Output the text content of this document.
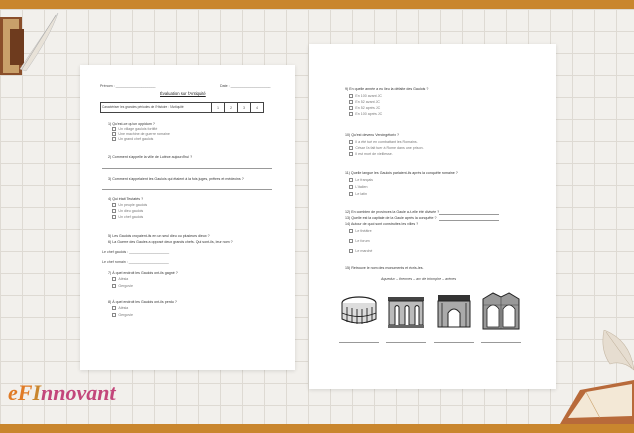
Prénom : ____________________	Date : ____________________
Évaluation sur l'Antiquité
Caractériser les grandes périodes de l'Histoire : l'Antiquité	1	2	3	4
1) Qu'est-ce qu'un oppidum ?
Un village gaulois fortifié
Une machine de guerre romaine
Un grand chef gaulois
2) Comment s'appelle la ville de Lutèce aujourd'hui ?
3) Comment s'appelaient les Gaulois qui étaient à la fois juges, prêtres et médecins ?
4) Qui était Teutatès ?
Un peuple gaulois
Un dieu gaulois
Un chef gaulois
5) Les Gaulois croyaient-ils en un seul dieu ou plusieurs dieux ?
6) La Guerre des Gaules a opposé deux grands chefs. Qui sont-ils, leur nom ?
Le chef gaulois : ____________________
Le chef romain : ____________________
7) À quel endroit les Gaulois ont-ils gagné ?
Alésia
Gergovie
8) À quel endroit les Gaulois ont-ils perdu ?
Alésia
Gergovie
9) En quelle année a eu lieu la défaite des Gaulois ?
En 100 avant JC
En 52 avant JC
En 52 après JC
En 100 après JC
10) Qu'est devenu Vercingétorix ?
Il a été tué en combattant les Romains.
César l'a fait tuer à Rome dans une prison.
Il est mort de vieillesse.
11) Quelle langue les Gaulois parlaient-ils après la conquête romaine ?
Le français
L'italien
Le latin
12) En combien de provinces la Gaule a-t-elle été divisée ?
13) Quelle est la capitale de la Gaule après la conquête ?
14) Autour de quoi sont construites les villes ?
Le théâtre
Le forum
Le marché
15) Retrouve le nom des monuments et écris-les.
Aqueduc – thermes – arc de triomphe – arènes
eFInnovant
